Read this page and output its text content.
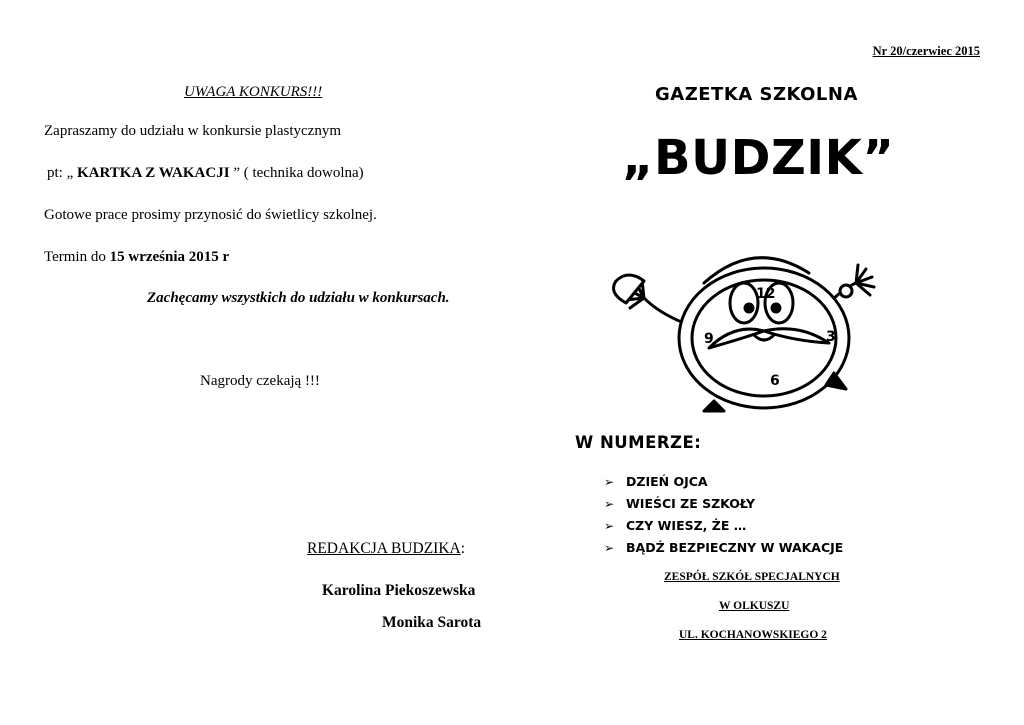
Nr 20/czerwiec 2015
UWAGA KONKURS!!!
Zapraszamy do udziału w konkursie plastycznym
pt: „ KARTKA Z WAKACJI ” ( technika dowolna)
Gotowe prace prosimy przynosić do świetlicy szkolnej.
Termin do 15 września 2015 r
Zachęcamy wszystkich do udziału w konkursach.
Nagrody czekają !!!
REDAKCJA BUDZIKA:
Karolina Piekoszewska
Monika Sarota
GAZETKA SZKOLNA
„BUDZIK”
12
3
6
9
W NUMERZE:
➢ DZIEŃ OJCA
➢ WIEŚCI ZE SZKOŁY
➢ CZY WIESZ, ŻE …
➢ BĄDŹ BEZPIECZNY W WAKACJE
ZESPÓŁ SZKÓŁ SPECJALNYCH
W OLKUSZU
UL. KOCHANOWSKIEGO 2
